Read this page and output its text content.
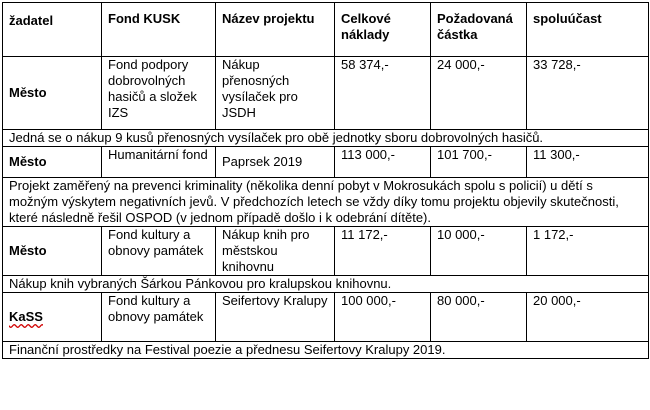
žadatel	Fond KUSK	Název projektu	Celkové náklady	Požadovaná částka	spoluúčast
Město	Fond podpory dobrovolných hasičů a složek IZS	Nákup přenosných vysílaček pro JSDH	58 374,-	24 000,-	33 728,-
Jedná se o nákup 9 kusů přenosných vysílaček pro obě jednotky sboru dobrovolných hasičů.					
Město	Humanitární fond	Paprsek 2019	113 000,-	101 700,-	11 300,-
Projekt zaměřený na prevenci kriminality (několika denní pobyt v Mokrosukách spolu s policií) u dětí s možným výskytem negativních jevů. V předchozích letech se vždy díky tomu projektu objevily skutečnosti, které následně řešil OSPOD (v jednom případě došlo i k odebrání dítěte).					
Město	Fond kultury a obnovy památek	Nákup knih pro městskou knihovnu	11 172,-	10 000,-	1 172,-
Nákup knih vybraných Šárkou Pánkovou pro kralupskou knihovnu.					
KaSS	Fond kultury a obnovy památek	Seifertovy Kralupy	100 000,-	80 000,-	20 000,-
Finanční prostředky na Festival poezie a přednesu Seifertovy Kralupy 2019.					
